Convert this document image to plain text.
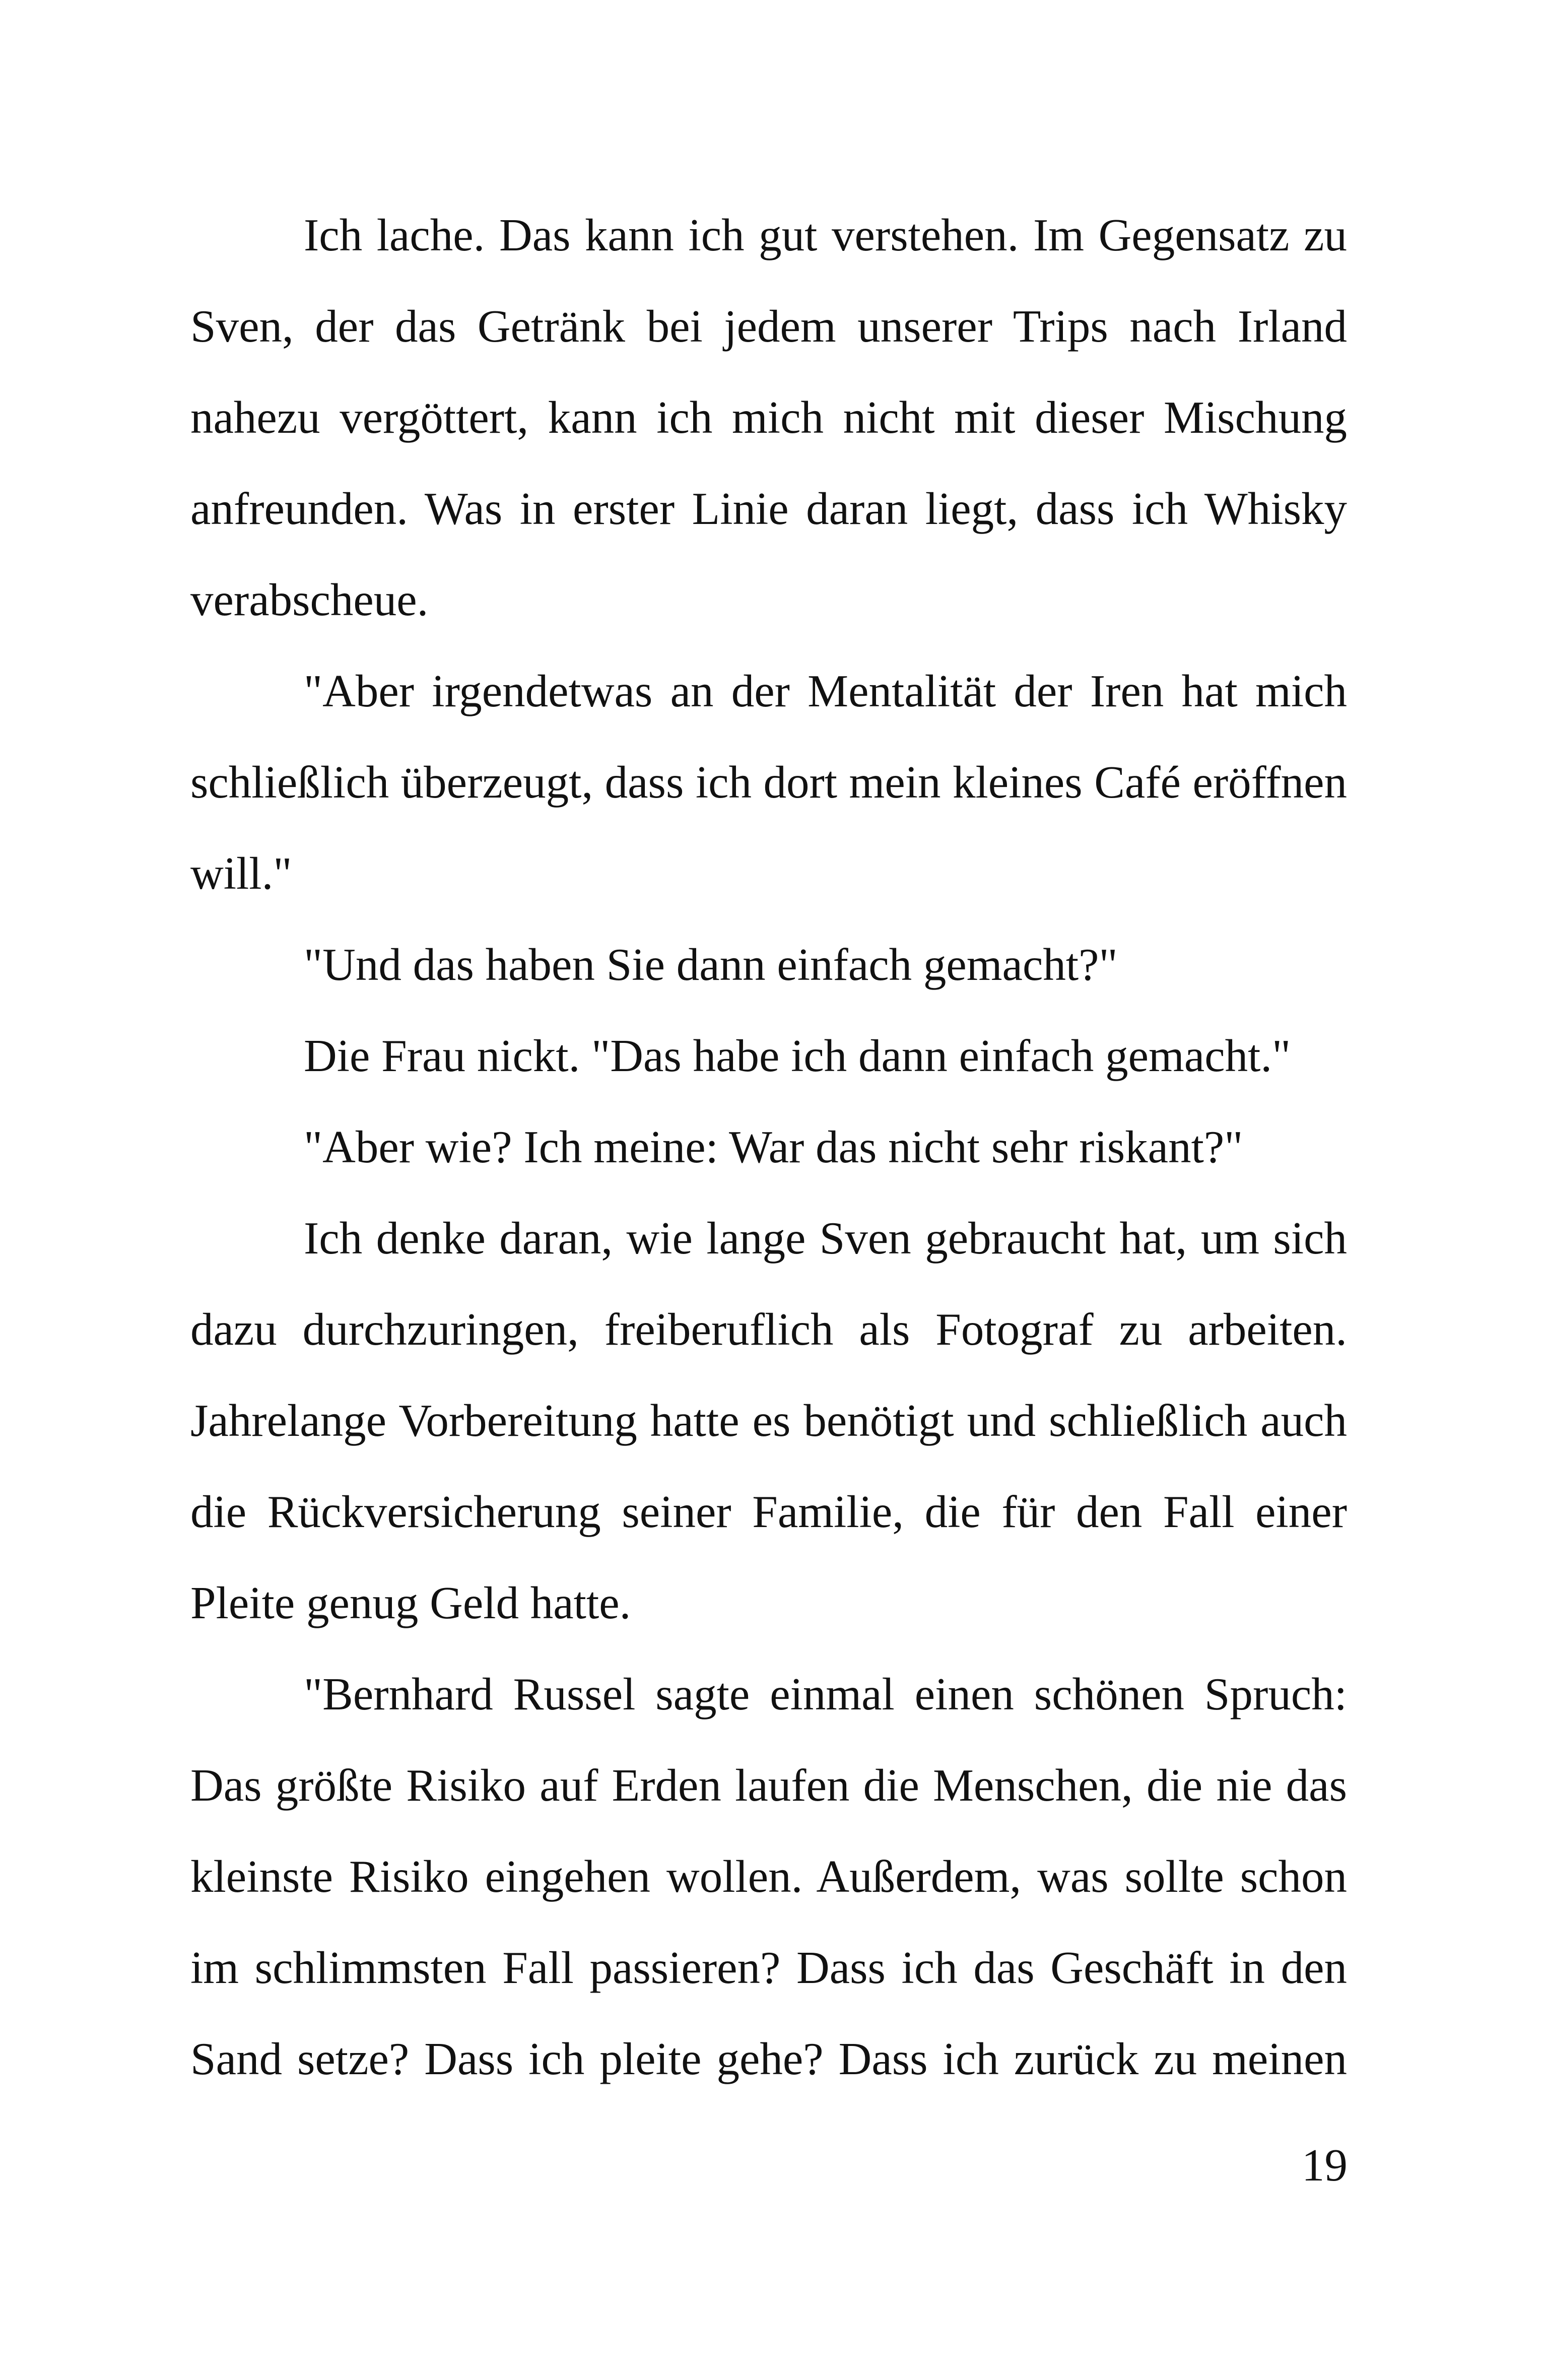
Ich lache. Das kann ich gut verstehen. Im Gegensatz zu Sven, der das Getränk bei jedem unserer Trips nach Irland nahezu vergöttert, kann ich mich nicht mit dieser Mischung anfreunden. Was in erster Linie daran liegt, dass ich Whisky verabscheue.

"Aber irgendetwas an der Mentalität der Iren hat mich schließlich überzeugt, dass ich dort mein kleines Café eröffnen will."

"Und das haben Sie dann einfach gemacht?"

Die Frau nickt. "Das habe ich dann einfach gemacht."

"Aber wie? Ich meine: War das nicht sehr riskant?"

Ich denke daran, wie lange Sven gebraucht hat, um sich dazu durchzuringen, freiberuflich als Fotograf zu arbeiten. Jahrelange Vorbereitung hatte es benötigt und schließlich auch die Rückversicherung seiner Familie, die für den Fall einer Pleite genug Geld hatte.

"Bernhard Russel sagte einmal einen schönen Spruch: Das größte Risiko auf Erden laufen die Menschen, die nie das kleinste Risiko eingehen wollen. Außerdem, was sollte schon im schlimmsten Fall passieren? Dass ich das Geschäft in den Sand setze? Dass ich pleite gehe? Dass ich zurück zu meinen

19
